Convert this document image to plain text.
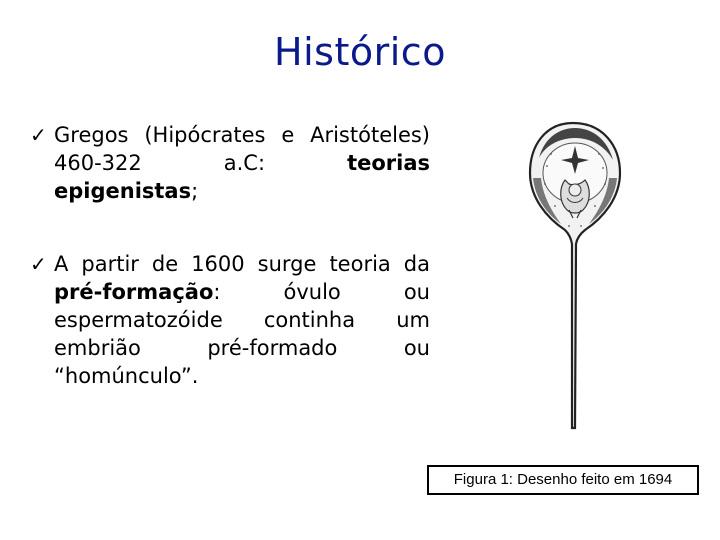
Histórico
✓ Gregos (Hipócrates e Aristóteles) 460-322 a.C: teorias epigenistas;
✓ A partir de 1600 surge teoria da pré-formação: óvulo ou espermatozóide continha um embrião pré-formado ou “homúnculo”.
Figura 1: Desenho feito em 1694
